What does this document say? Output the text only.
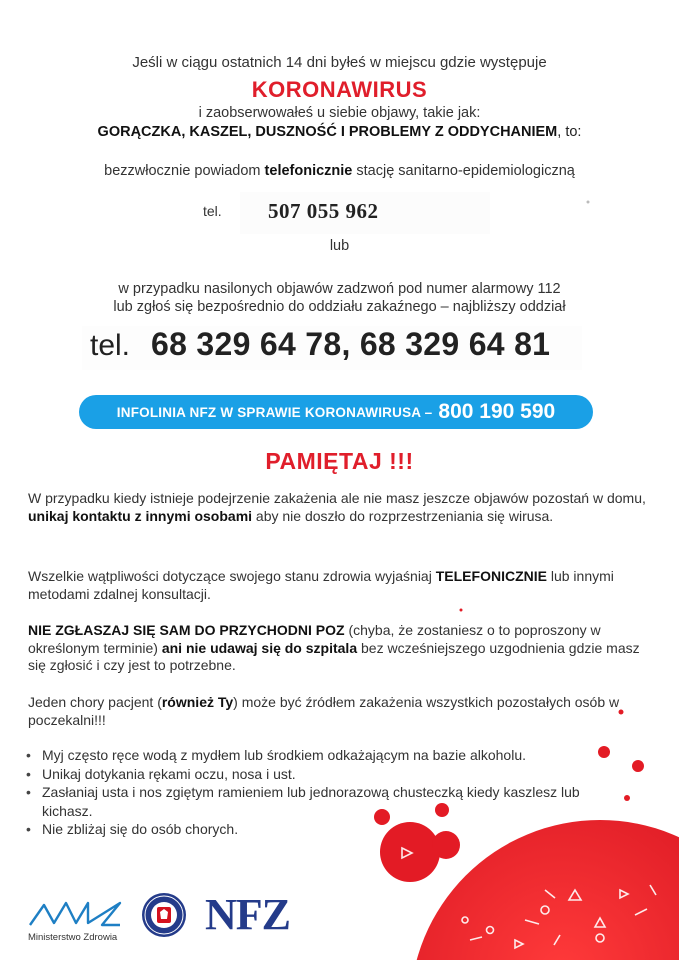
Jeśli w ciągu ostatnich 14 dni byłeś w miejscu gdzie występuje
KORONAWIRUS
i zaobserwowałeś u siebie objawy, takie jak:
GORĄCZKA, KASZEL, DUSZNOŚĆ I PROBLEMY Z ODDYCHANIEM, to:
bezzwłocznie powiadom telefonicznie stację sanitarno-epidemiologiczną
tel. 507 055 962
lub
w przypadku nasilonych objawów zadzwoń pod numer alarmowy 112
lub zgłoś się bezpośrednio do oddziału zakaźnego – najbliższy oddział
tel. 68 329 64 78, 68 329 64 81
INFOLINIA NFZ W SPRAWIE KORONAWIRUSA – 800 190 590
PAMIĘTAJ !!!
W przypadku kiedy istnieje podejrzenie zakażenia ale nie masz jeszcze objawów pozostań w domu, unikaj kontaktu z innymi osobami aby nie doszło do rozprzestrzeniania się wirusa.
Wszelkie wątpliwości dotyczące swojego stanu zdrowia wyjaśniaj TELEFONICZNIE lub innymi metodami zdalnej konsultacji.
NIE ZGŁASZAJ SIĘ SAM DO PRZYCHODNI POZ (chyba, że zostaniesz o to poproszony w określonym terminie) ani nie udawaj się do szpitala bez wcześniejszego uzgodnienia gdzie masz się zgłosić i czy jest to potrzebne.
Jeden chory pacjent (również Ty) może być źródłem zakażenia wszystkich pozostałych osób w poczekalni!!!
• Myj często ręce wodą z mydłem lub środkiem odkażającym na bazie alkoholu.
• Unikaj dotykania rękami oczu, nosa i ust.
• Zasłaniaj usta i nos zgiętym ramieniem lub jednorazową chusteczką kiedy kaszlesz lub kichasz.
• Nie zbliżaj się do osób chorych.
Ministerstwo Zdrowia NFZ
